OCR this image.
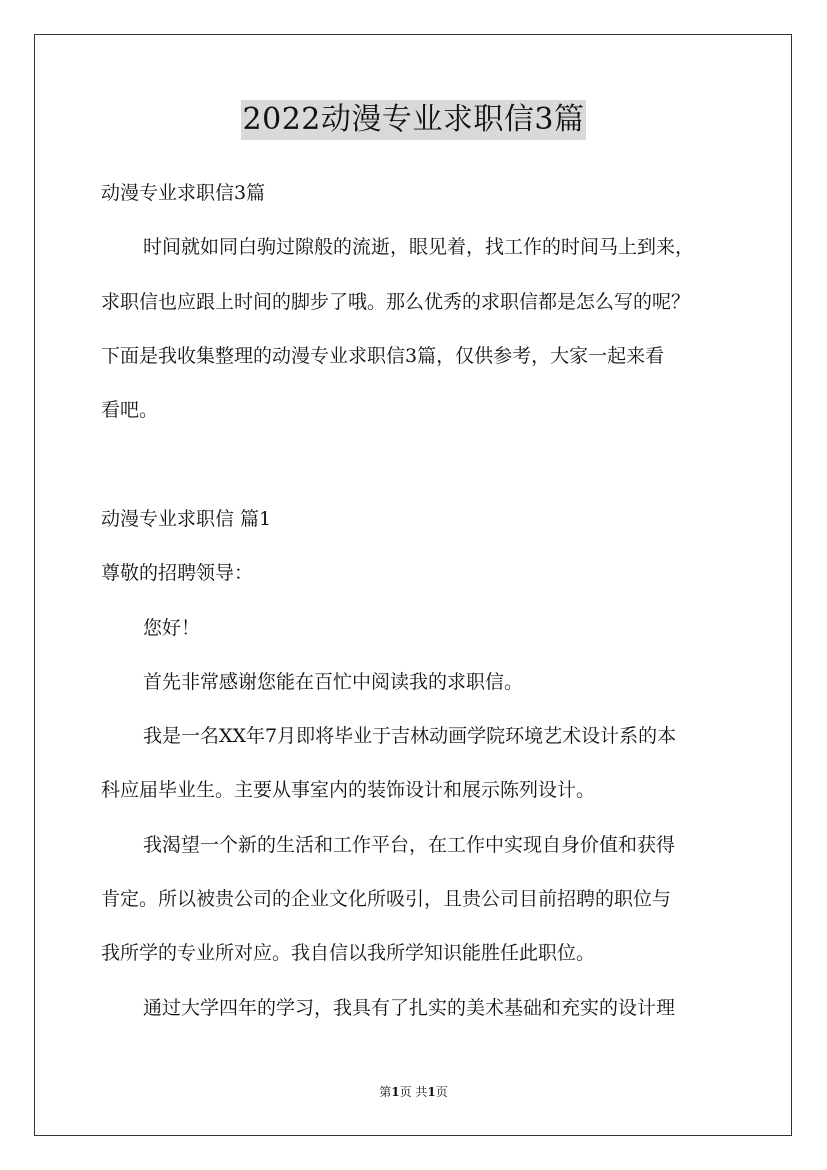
2022动漫专业求职信3篇
动漫专业求职信3篇
时间就如同白驹过隙般的流逝，眼见着，找工作的时间马上到来，
求职信也应跟上时间的脚步了哦。那么优秀的求职信都是怎么写的呢？
下面是我收集整理的动漫专业求职信3篇，仅供参考，大家一起来看
看吧。
动漫专业求职信 篇1
尊敬的招聘领导：
您好！
首先非常感谢您能在百忙中阅读我的求职信。
我是一名XX年7月即将毕业于吉林动画学院环境艺术设计系的本
科应届毕业生。主要从事室内的装饰设计和展示陈列设计。
我渴望一个新的生活和工作平台，在工作中实现自身价值和获得
肯定。所以被贵公司的企业文化所吸引，且贵公司目前招聘的职位与
我所学的专业所对应。我自信以我所学知识能胜任此职位。
通过大学四年的学习，我具有了扎实的美术基础和充实的设计理
第1页 共1页
